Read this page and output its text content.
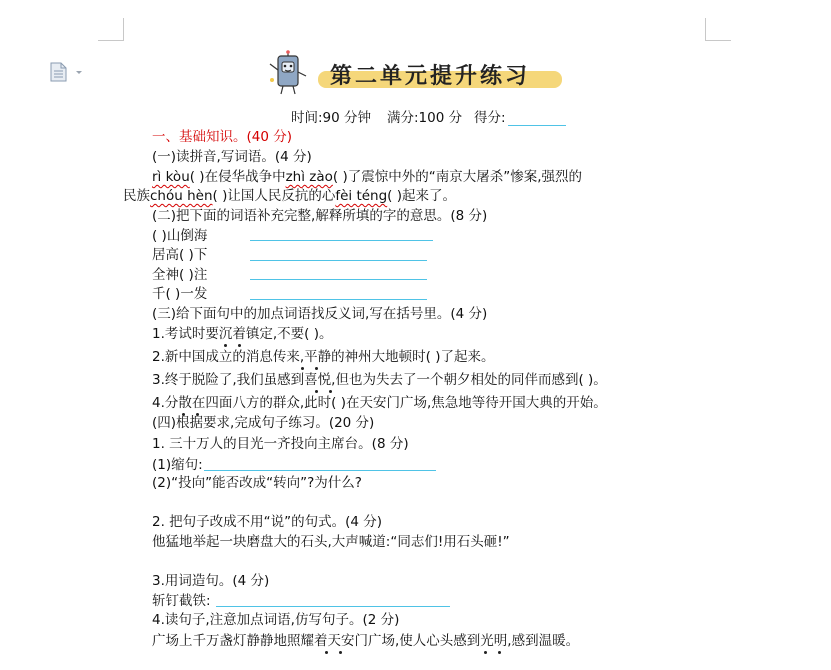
第二单元提升练习
时间:90 分钟 满分:100 分 得分:
一、基础知识。(40 分)
(一)读拼音,写词语。(4 分)
rì kòu( )在侵华战争中zhì zào( )了震惊中外的“南京大屠杀”惨案,强烈的
民族chóu hèn( )让国人民反抗的心fèi téng( )起来了。
(二)把下面的词语补充完整,解释所填的字的意思。(8 分)
( )山倒海
居高( )下
全神( )注
千( )一发
(三)给下面句中的加点词语找反义词,写在括号里。(4 分)
1.考试时要沉着镇定,不要( )。
2.新中国成立的消息传来,平静的神州大地顿时( )了起来。
3.终于脱险了,我们虽感到喜悦,但也为失去了一个朝夕相处的同伴而感到( )。
4.分散在四面八方的群众,此时( )在天安门广场,焦急地等待开国大典的开始。
(四)根据要求,完成句子练习。(20 分)
1. 三十万人的目光一齐投向主席台。(8 分)
(1)缩句:
(2)“投向”能否改成“转向”?为什么?
2. 把句子改成不用“说”的句式。(4 分)
他猛地举起一块磨盘大的石头,大声喊道:“同志们!用石头砸!”
3.用词造句。(4 分)
斩钉截铁:
4.读句子,注意加点词语,仿写句子。(2 分)
广场上千万盏灯静静地照耀着天安门广场,使人心头感到光明,感到温暖。
